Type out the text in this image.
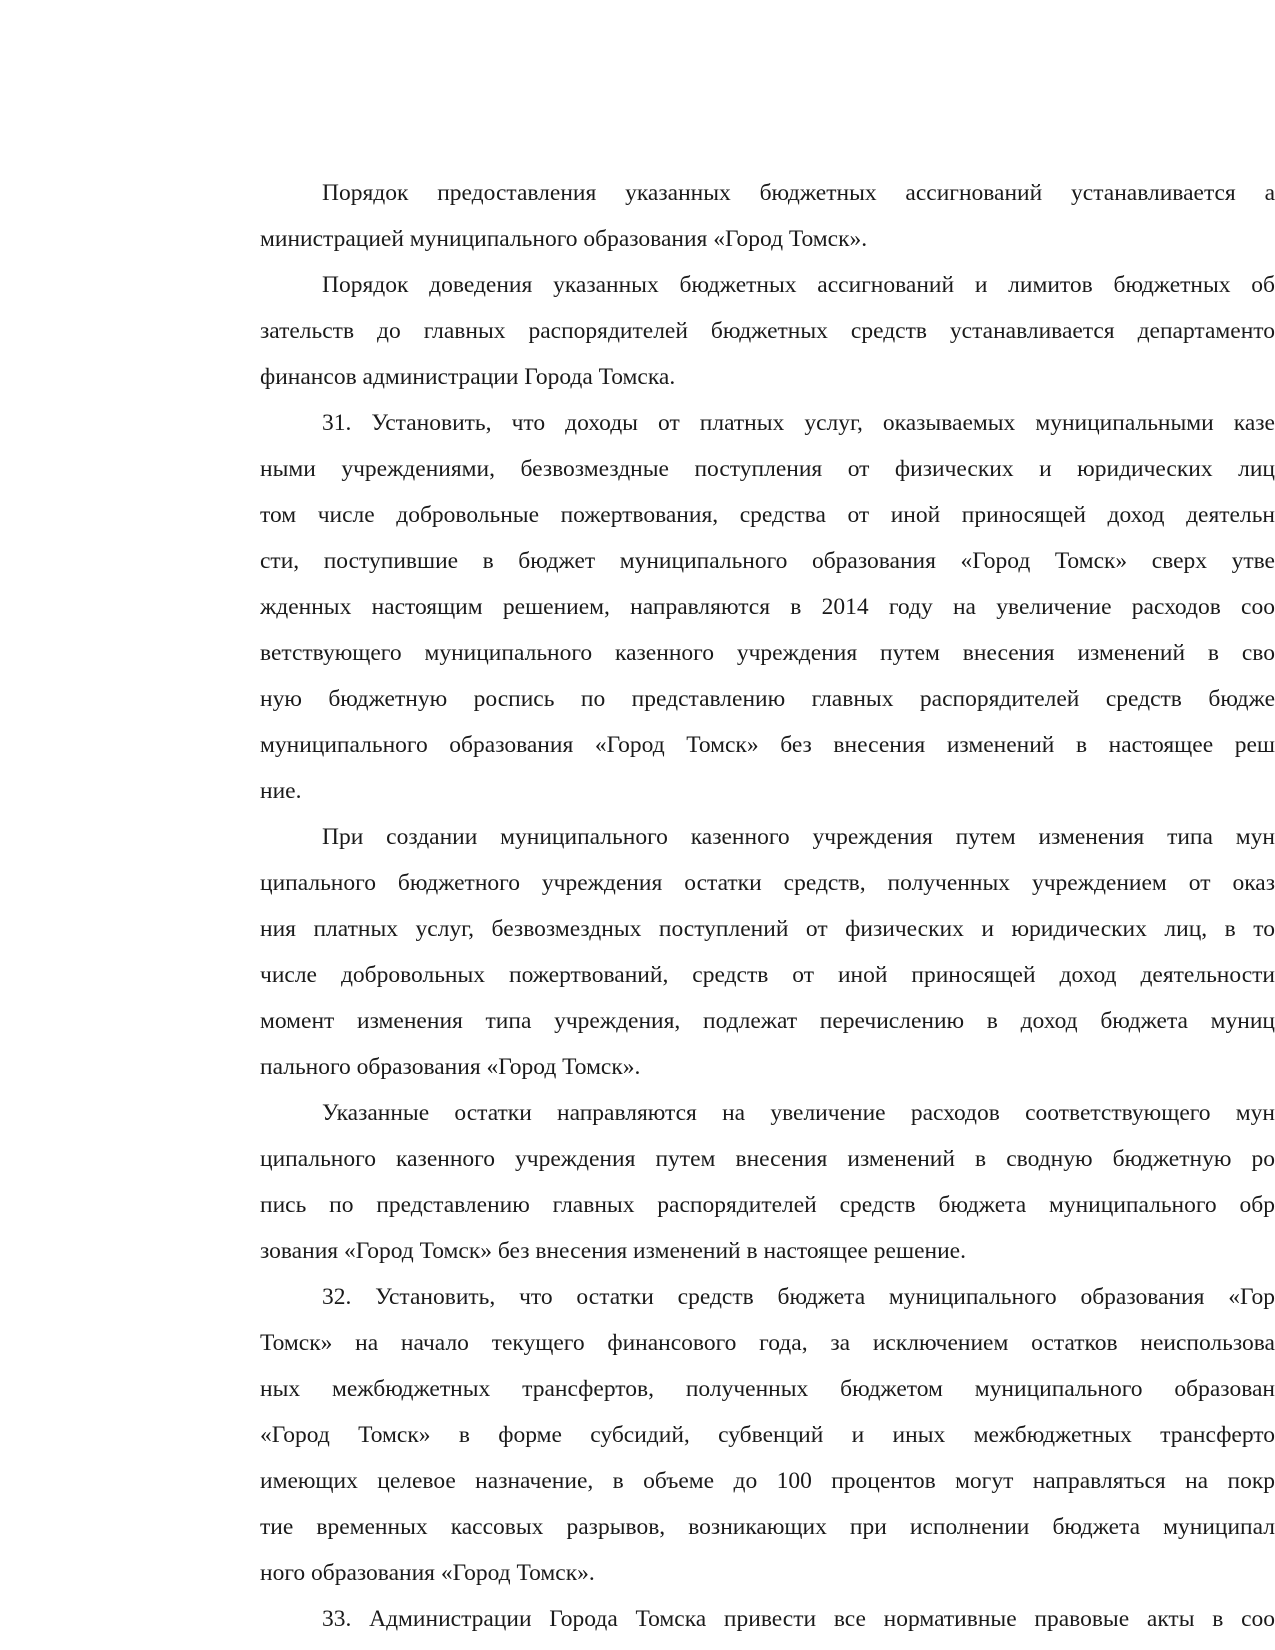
Порядок предоставления указанных бюджетных ассигнований устанавливается а
министрацией муниципального образования «Город Томск».
Порядок доведения указанных бюджетных ассигнований и лимитов бюджетных об
зательств до главных распорядителей бюджетных средств устанавливается департаменто
финансов администрации Города Томска.
31. Установить, что доходы от платных услуг, оказываемых муниципальными казе
ными учреждениями, безвозмездные поступления от физических и юридических лиц
том числе добровольные пожертвования, средства от иной приносящей доход деятельн
сти, поступившие в бюджет муниципального образования «Город Томск» сверх утве
жденных настоящим решением, направляются в 2014 году на увеличение расходов соо
ветствующего муниципального казенного учреждения путем внесения изменений в сво
ную бюджетную роспись по представлению главных распорядителей средств бюдже
муниципального образования «Город Томск» без внесения изменений в настоящее реш
ние.
При создании муниципального казенного учреждения путем изменения типа мун
ципального бюджетного учреждения остатки средств, полученных учреждением от оказ
ния платных услуг, безвозмездных поступлений от физических и юридических лиц, в то
числе добровольных пожертвований, средств от иной приносящей доход деятельности
момент изменения типа учреждения, подлежат перечислению в доход бюджета муниц
пального образования «Город Томск».
Указанные остатки направляются на увеличение расходов соответствующего мун
ципального казенного учреждения путем внесения изменений в сводную бюджетную ро
пись по представлению главных распорядителей средств бюджета муниципального обр
зования «Город Томск» без внесения изменений в настоящее решение.
32. Установить, что остатки средств бюджета муниципального образования «Гор
Томск» на начало текущего финансового года, за исключением остатков неиспользова
ных межбюджетных трансфертов, полученных бюджетом муниципального образован
«Город Томск» в форме субсидий, субвенций и иных межбюджетных трансферто
имеющих целевое назначение, в объеме до 100 процентов могут направляться на покр
тие временных кассовых разрывов, возникающих при исполнении бюджета муниципал
ного образования «Город Томск».
33. Администрации Города Томска привести все нормативные правовые акты в соо
